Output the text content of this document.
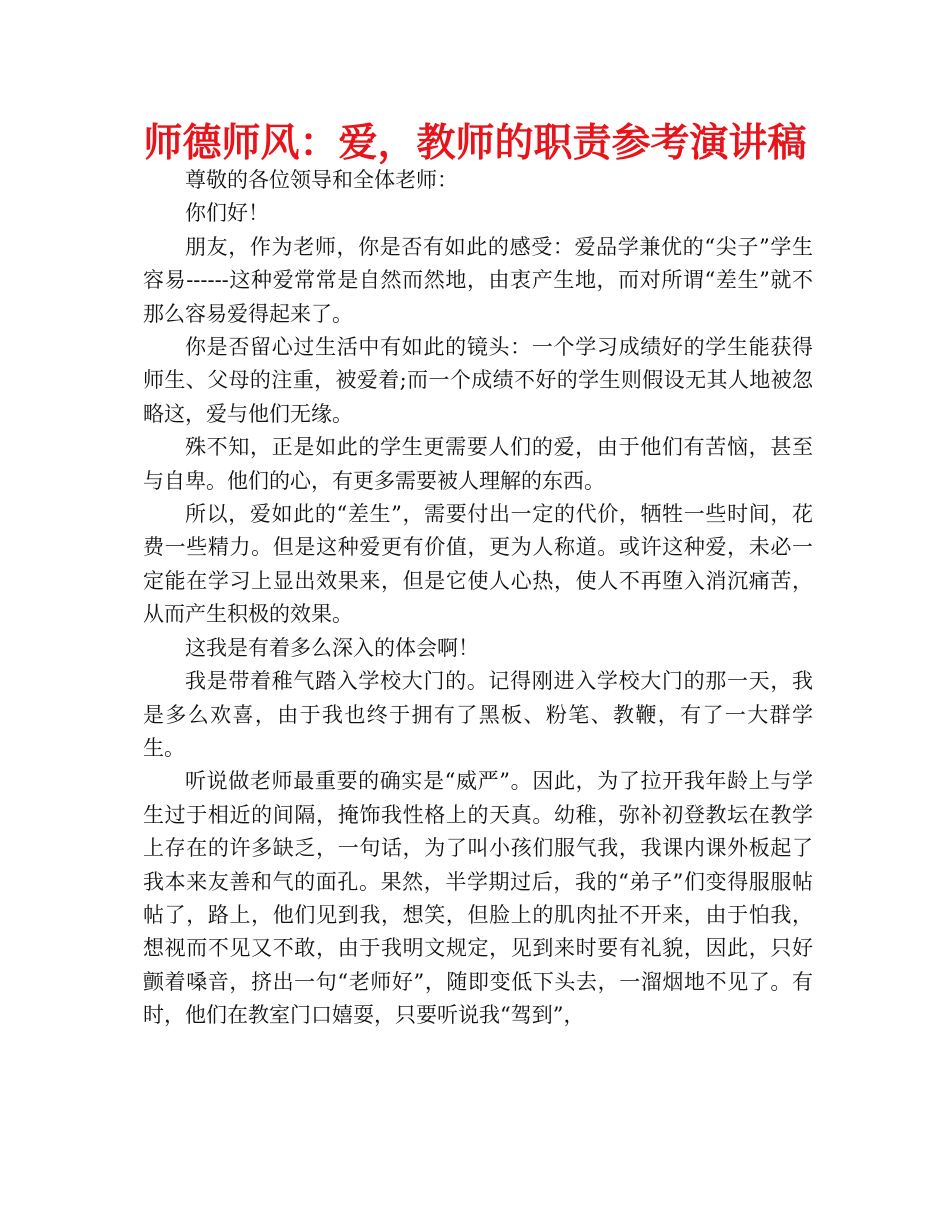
师德师风：爱，教师的职责参考演讲稿

尊敬的各位领导和全体老师：

你们好！

朋友，作为老师，你是否有如此的感受：爱品学兼优的“尖子”学生容易------这种爱常常是自然而然地，由衷产生地，而对所谓“差生”就不那么容易爱得起来了。

你是否留心过生活中有如此的镜头：一个学习成绩好的学生能获得师生、父母的注重，被爱着;而一个成绩不好的学生则假设无其人地被忽略这，爱与他们无缘。

殊不知，正是如此的学生更需要人们的爱，由于他们有苦恼，甚至与自卑。他们的心，有更多需要被人理解的东西。

所以，爱如此的“差生”，需要付出一定的代价，牺牲一些时间，花费一些精力。但是这种爱更有价值，更为人称道。或许这种爱，未必一定能在学习上显出效果来，但是它使人心热，使人不再堕入消沉痛苦，从而产生积极的效果。

这我是有着多么深入的体会啊！

我是带着稚气踏入学校大门的。记得刚进入学校大门的那一天，我是多么欢喜，由于我也终于拥有了黑板、粉笔、教鞭，有了一大群学生。

听说做老师最重要的确实是“威严”。因此，为了拉开我年龄上与学生过于相近的间隔，掩饰我性格上的天真。幼稚，弥补初登教坛在教学上存在的许多缺乏，一句话，为了叫小孩们服气我，我课内课外板起了我本来友善和气的面孔。果然，半学期过后，我的“弟子”们变得服服帖帖了，路上，他们见到我，想笑，但脸上的肌肉扯不开来，由于怕我，想视而不见又不敢，由于我明文规定，见到来时要有礼貌，因此，只好颤着嗓音，挤出一句“老师好”，随即变低下头去，一溜烟地不见了。有时，他们在教室门口嬉耍，只要听说我“驾到”，
